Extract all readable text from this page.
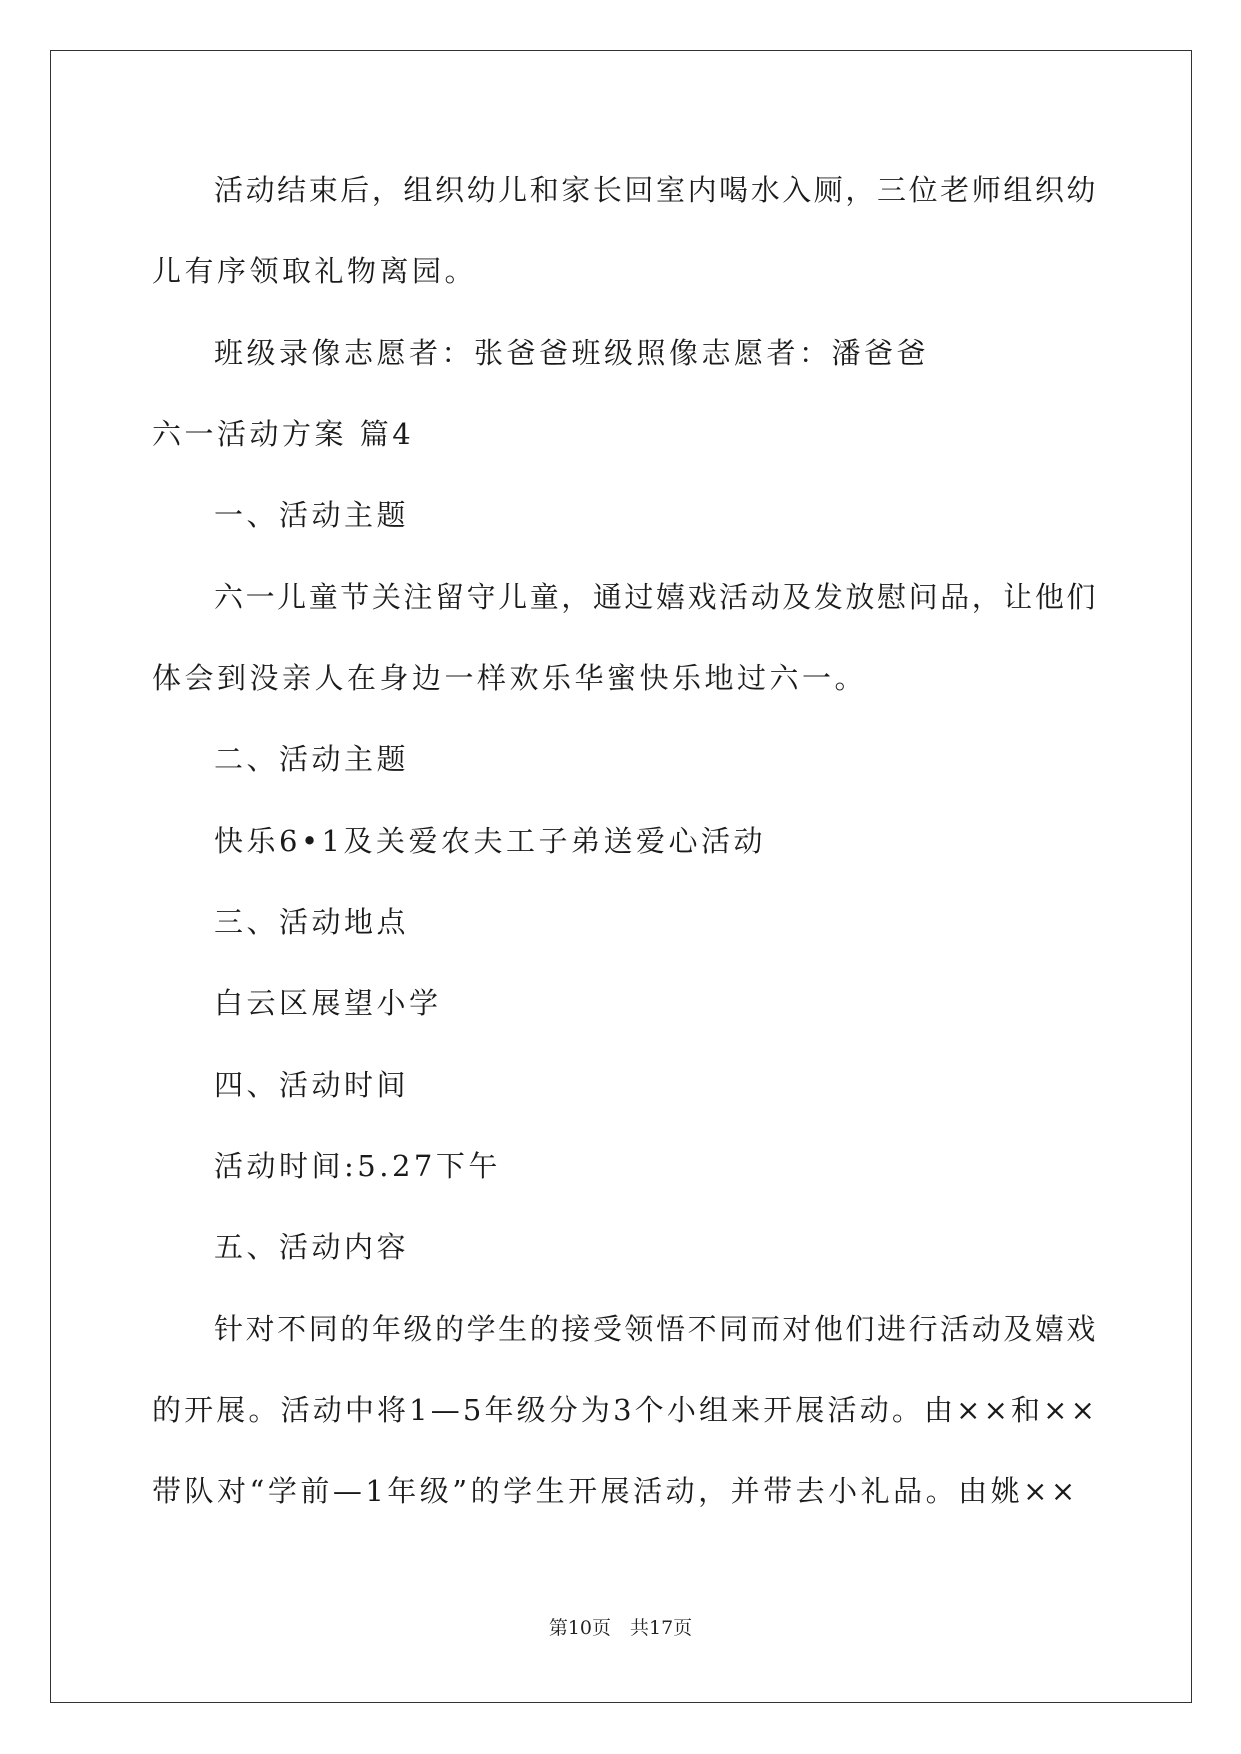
活动结束后，组织幼儿和家长回室内喝水入厕，三位老师组织幼
儿有序领取礼物离园。
班级录像志愿者：张爸爸班级照像志愿者：潘爸爸
六一活动方案 篇4
一、活动主题
六一儿童节关注留守儿童，通过嬉戏活动及发放慰问品，让他们
体会到没亲人在身边一样欢乐华蜜快乐地过六一。
二、活动主题
快乐6•1及关爱农夫工子弟送爱心活动
三、活动地点
白云区展望小学
四、活动时间
活动时间:5.27下午
五、活动内容
针对不同的年级的学生的接受领悟不同而对他们进行活动及嬉戏
的开展。活动中将1—5年级分为3个小组来开展活动。由××和××
带队对“学前—1年级”的学生开展活动，并带去小礼品。由姚××
第10页　共17页
